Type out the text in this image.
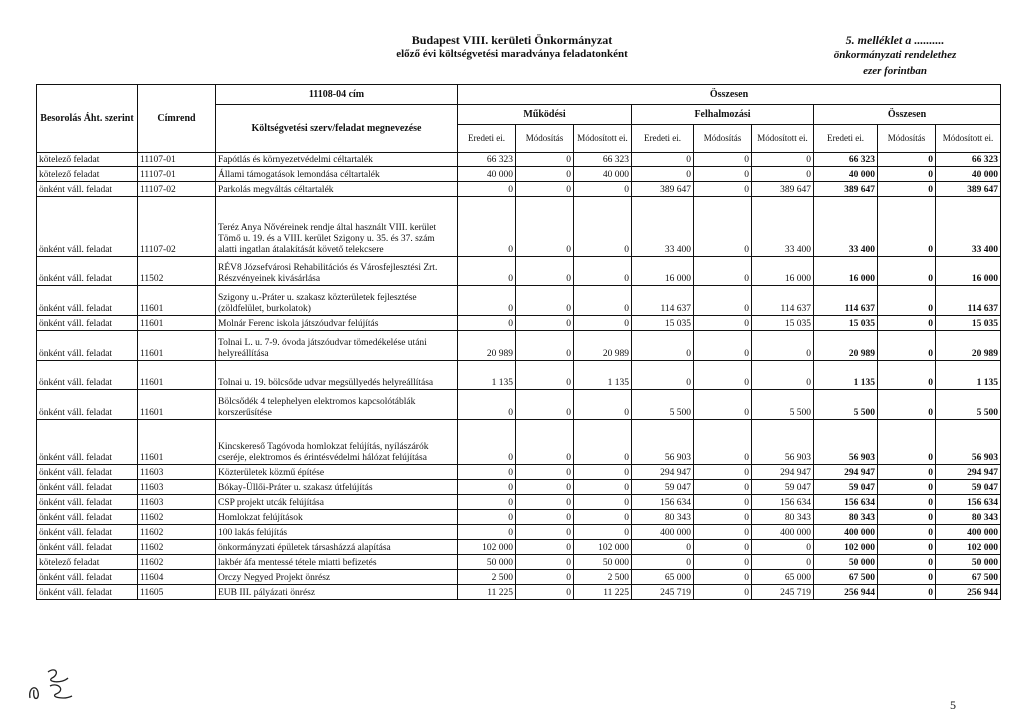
Budapest VIII. kerületi Önkormányzat
előző évi költségvetési maradványa feladatonként
5. melléklet a ..........
önkormányzati rendelethez
ezer forintban
Besorolás Áht. szerint	Címrend	11108-04 cím	Összesen								
		Költségvetési szerv/feladat megnevezése	Működési			Felhalmozási			Összesen		
			Eredeti ei.	Módosítás	Módosított ei.	Eredeti ei.	Módosítás	Módosított ei.	Eredeti ei.	Módosítás	Módosított ei.
kötelező feladat	11107-01	Fapótlás és környezetvédelmi céltartalék	66 323	0	66 323	0	0	0	66 323	0	66 323
kötelező feladat	11107-01	Állami támogatások lemondása céltartalék	40 000	0	40 000	0	0	0	40 000	0	40 000
önként váll. feladat	11107-02	Parkolás megváltás céltartalék	0	0	0	389 647	0	389 647	389 647	0	389 647
önként váll. feladat	11107-02	Teréz Anya Nővéreinek rendje által használt VIII. kerület Tömő u. 19. és a VIII. kerület Szigony u. 35. és 37. szám alatti ingatlan átalakítását követő telekcsere	0	0	0	33 400	0	33 400	33 400	0	33 400
önként váll. feladat	11502	RÉV8 Józsefvárosi Rehabilitációs és Városfejlesztési Zrt. Részvényeinek kivásárlása	0	0	0	16 000	0	16 000	16 000	0	16 000
önként váll. feladat	11601	Szigony u.-Práter u. szakasz közterületek fejlesztése (zöldfelület, burkolatok)	0	0	0	114 637	0	114 637	114 637	0	114 637
önként váll. feladat	11601	Molnár Ferenc iskola játszóudvar felújítás	0	0	0	15 035	0	15 035	15 035	0	15 035
önként váll. feladat	11601	Tolnai L. u. 7-9. óvoda játszóudvar tömedékelése utáni helyreállítása	20 989	0	20 989	0	0	0	20 989	0	20 989
önként váll. feladat	11601	Tolnai u. 19. bölcsőde udvar megsüllyedés helyreállítása	1 135	0	1 135	0	0	0	1 135	0	1 135
önként váll. feladat	11601	Bölcsődék 4 telephelyen elektromos kapcsolótáblák korszerűsítése	0	0	0	5 500	0	5 500	5 500	0	5 500
önként váll. feladat	11601	Kincskereső Tagóvoda homlokzat felújítás, nyílászárók cseréje, elektromos és érintésvédelmi hálózat felújítása	0	0	0	56 903	0	56 903	56 903	0	56 903
önként váll. feladat	11603	Közterületek közmű építése	0	0	0	294 947	0	294 947	294 947	0	294 947
önként váll. feladat	11603	Bókay-Üllői-Práter u. szakasz útfelújítás	0	0	0	59 047	0	59 047	59 047	0	59 047
önként váll. feladat	11603	CSP projekt utcák felújítása	0	0	0	156 634	0	156 634	156 634	0	156 634
önként váll. feladat	11602	Homlokzat felújítások	0	0	0	80 343	0	80 343	80 343	0	80 343
önként váll. feladat	11602	100 lakás felújítás	0	0	0	400 000	0	400 000	400 000	0	400 000
önként váll. feladat	11602	önkormányzati épületek társasházzá alapítása	102 000	0	102 000	0	0	0	102 000	0	102 000
kötelező feladat	11602	lakbér áfa mentessé tétele miatti befizetés	50 000	0	50 000	0	0	0	50 000	0	50 000
önként váll. feladat	11604	Orczy Negyed Projekt önrész	2 500	0	2 500	65 000	0	65 000	67 500	0	67 500
önként váll. feladat	11605	EUB III. pályázati önrész	11 225	0	11 225	245 719	0	245 719	256 944	0	256 944
5
